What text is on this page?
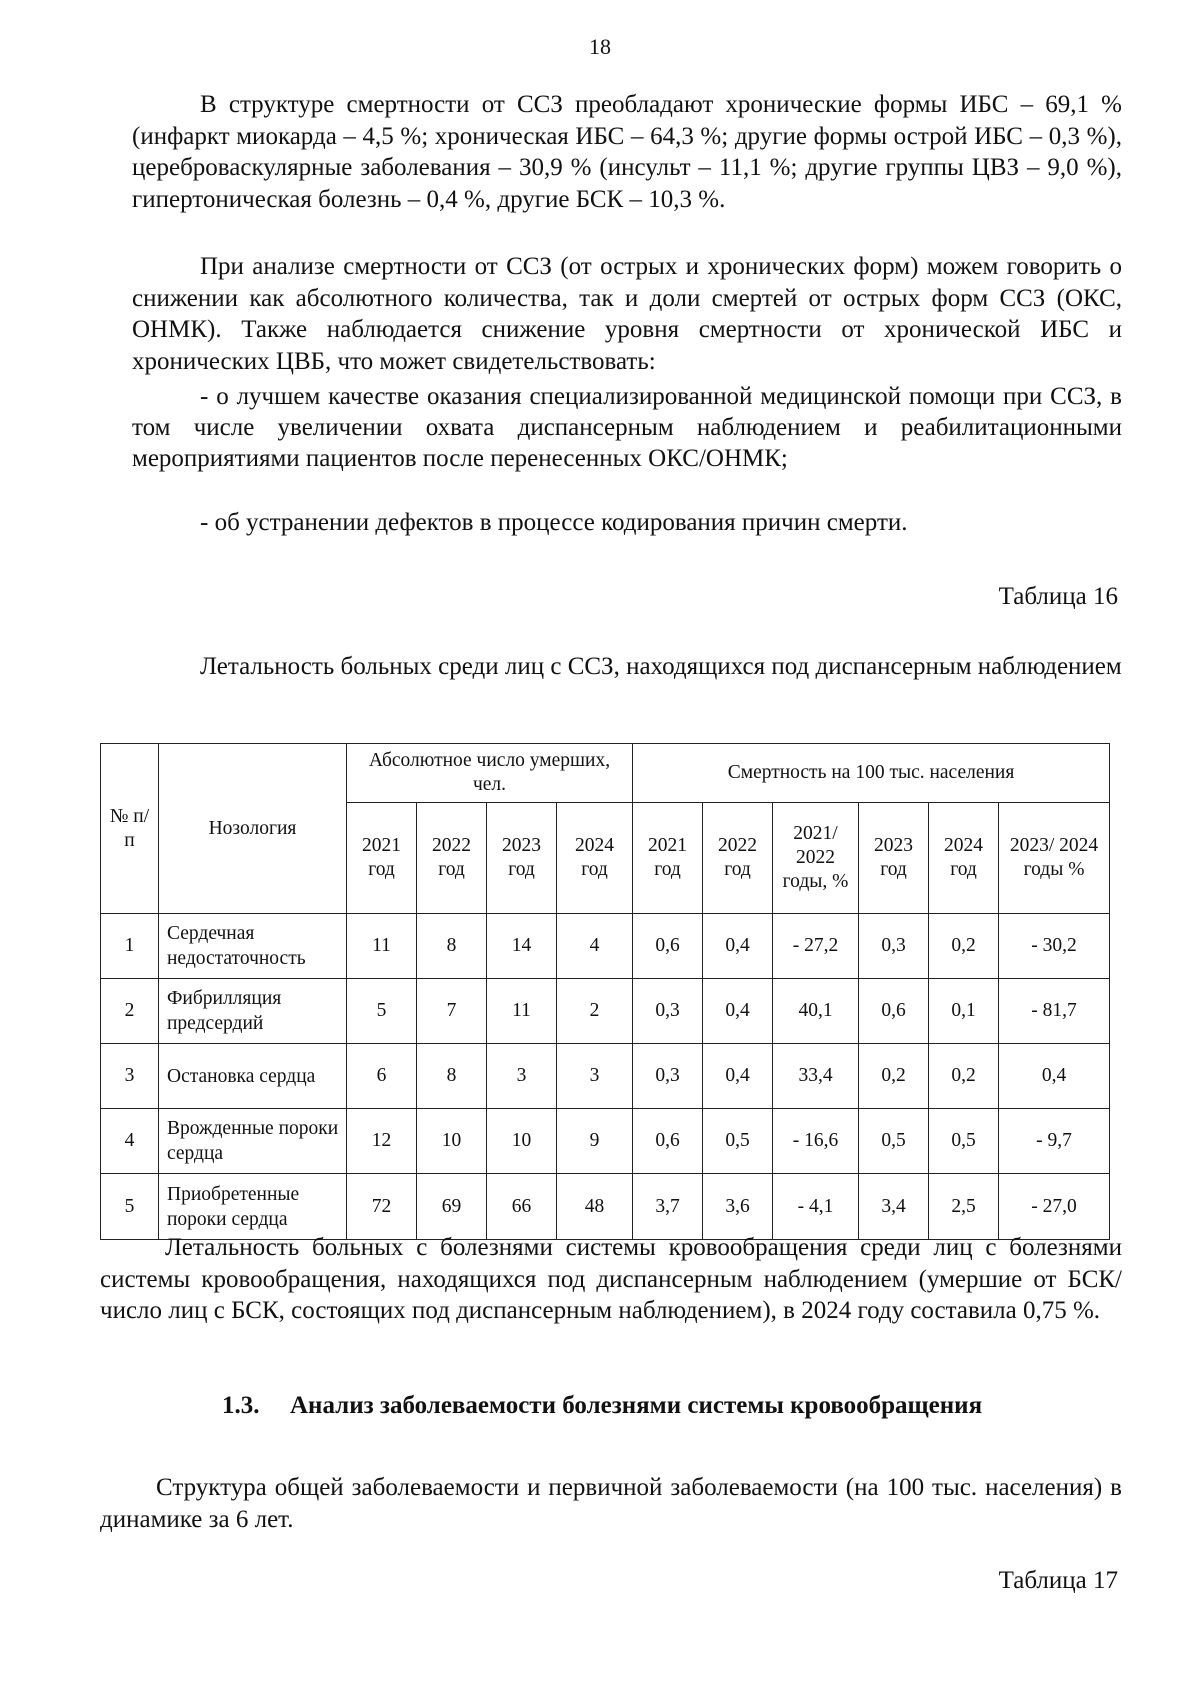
18

В структуре смертности от ССЗ преобладают хронические формы ИБС – 69,1 % (инфаркт миокарда – 4,5 %; хроническая ИБС – 64,3 %; другие формы острой ИБС – 0,3 %), цереброваскулярные заболевания – 30,9 % (инсульт – 11,1 %; другие группы ЦВЗ – 9,0 %), гипертоническая болезнь – 0,4 %, другие БСК – 10,3 %.

При анализе смертности от ССЗ (от острых и хронических форм) можем говорить о снижении как абсолютного количества, так и доли смертей от острых форм ССЗ (ОКС, ОНМК). Также наблюдается снижение уровня смертности от хронической ИБС и хронических ЦВБ, что может свидетельствовать:

- о лучшем качестве оказания специализированной медицинской помощи при ССЗ, в том числе увеличении охвата диспансерным наблюдением и реабилитационными мероприятиями пациентов после перенесенных ОКС/ОНМК;

- об устранении дефектов в процессе кодирования причин смерти.

Таблица 16

Летальность больных среди лиц с ССЗ, находящихся под диспансерным наблюдением

№ п/п	Нозология	Абсолютное число умерших, чел.				Смертность на 100 тыс. населения					
		2021 год	2022 год	2023 год	2024 год	2021 год	2022 год	2021/ 2022 годы, %	2023 год	2024 год	2023/ 2024 годы %
1	Сердечная недостаточность	11	8	14	4	0,6	0,4	- 27,2	0,3	0,2	- 30,2
2	Фибрилляция предсердий	5	7	11	2	0,3	0,4	40,1	0,6	0,1	- 81,7
3	Остановка сердца	6	8	3	3	0,3	0,4	33,4	0,2	0,2	0,4
4	Врожденные пороки сердца	12	10	10	9	0,6	0,5	- 16,6	0,5	0,5	- 9,7
5	Приобретенные пороки сердца	72	69	66	48	3,7	3,6	- 4,1	3,4	2,5	- 27,0

Летальность больных с болезнями системы кровообращения среди лиц с болезнями системы кровообращения, находящихся под диспансерным наблюдением (умершие от БСК/число лиц с БСК, состоящих под диспансерным наблюдением), в 2024 году составила 0,75 %.

1.3. Анализ заболеваемости болезнями системы кровообращения

Структура общей заболеваемости и первичной заболеваемости (на 100 тыс. населения) в динамике за 6 лет.

Таблица 17
